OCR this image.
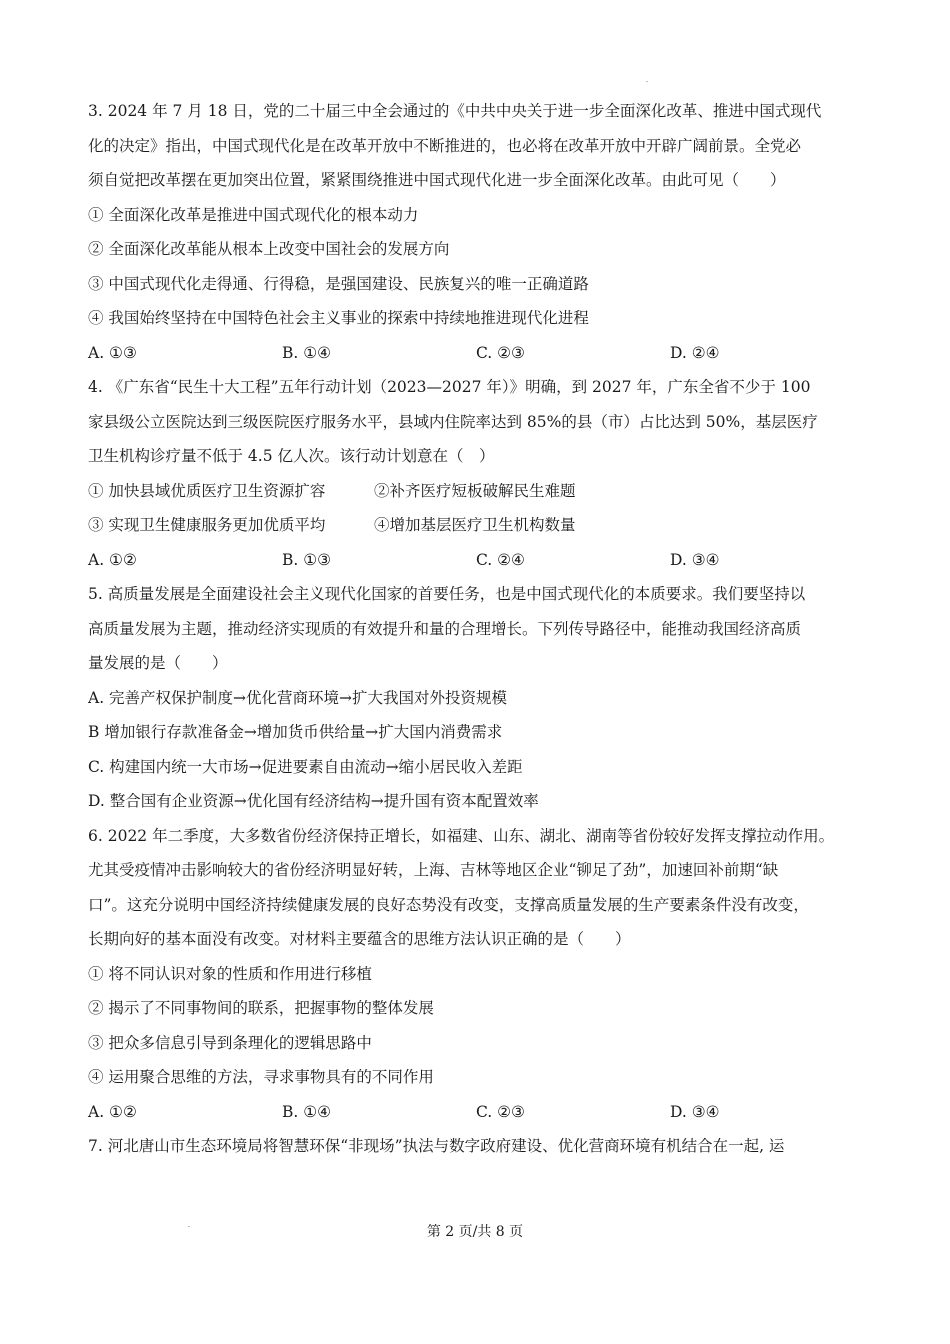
3. 2024 年 7 月 18 日，党的二十届三中全会通过的《中共中央关于进一步全面深化改革、推进中国式现代
化的决定》指出，中国式现代化是在改革开放中不断推进的，也必将在改革开放中开辟广阔前景。全党必
须自觉把改革摆在更加突出位置，紧紧围绕推进中国式现代化进一步全面深化改革。由此可见（　　）
① 全面深化改革是推进中国式现代化的根本动力
② 全面深化改革能从根本上改变中国社会的发展方向
③ 中国式现代化走得通、行得稳，是强国建设、民族复兴的唯一正确道路
④ 我国始终坚持在中国特色社会主义事业的探索中持续地推进现代化进程
A. ①③	B. ①④	C. ②③	D. ②④
4. 《广东省“民生十大工程”五年行动计划（2023—2027 年）》明确，到 2027 年，广东全省不少于 100
家县级公立医院达到三级医院医疗服务水平，县域内住院率达到 85%的县（市）占比达到 50%，基层医疗
卫生机构诊疗量不低于 4.5 亿人次。该行动计划意在（　）
① 加快县域优质医疗卫生资源扩容	②补齐医疗短板破解民生难题
③ 实现卫生健康服务更加优质平均	④增加基层医疗卫生机构数量
A. ①②	B. ①③	C. ②④	D. ③④
5. 高质量发展是全面建设社会主义现代化国家的首要任务，也是中国式现代化的本质要求。我们要坚持以
高质量发展为主题，推动经济实现质的有效提升和量的合理增长。下列传导路径中，能推动我国经济高质
量发展的是（　　）
A. 完善产权保护制度→优化营商环境→扩大我国对外投资规模
B 增加银行存款准备金→增加货币供给量→扩大国内消费需求
C. 构建国内统一大市场→促进要素自由流动→缩小居民收入差距
D. 整合国有企业资源→优化国有经济结构→提升国有资本配置效率
6. 2022 年二季度，大多数省份经济保持正增长，如福建、山东、湖北、湖南等省份较好发挥支撑拉动作用。
尤其受疫情冲击影响较大的省份经济明显好转，上海、吉林等地区企业“铆足了劲”，加速回补前期“缺
口”。这充分说明中国经济持续健康发展的良好态势没有改变，支撑高质量发展的生产要素条件没有改变，
长期向好的基本面没有改变。对材料主要蕴含的思维方法认识正确的是（　　）
① 将不同认识对象的性质和作用进行移植
② 揭示了不同事物间的联系，把握事物的整体发展
③ 把众多信息引导到条理化的逻辑思路中
④ 运用聚合思维的方法，寻求事物具有的不同作用
A. ①②	B. ①④	C. ②③	D. ③④
7. 河北唐山市生态环境局将智慧环保“非现场”执法与数字政府建设、优化营商环境有机结合在一起, 运
第 2 页/共 8 页
